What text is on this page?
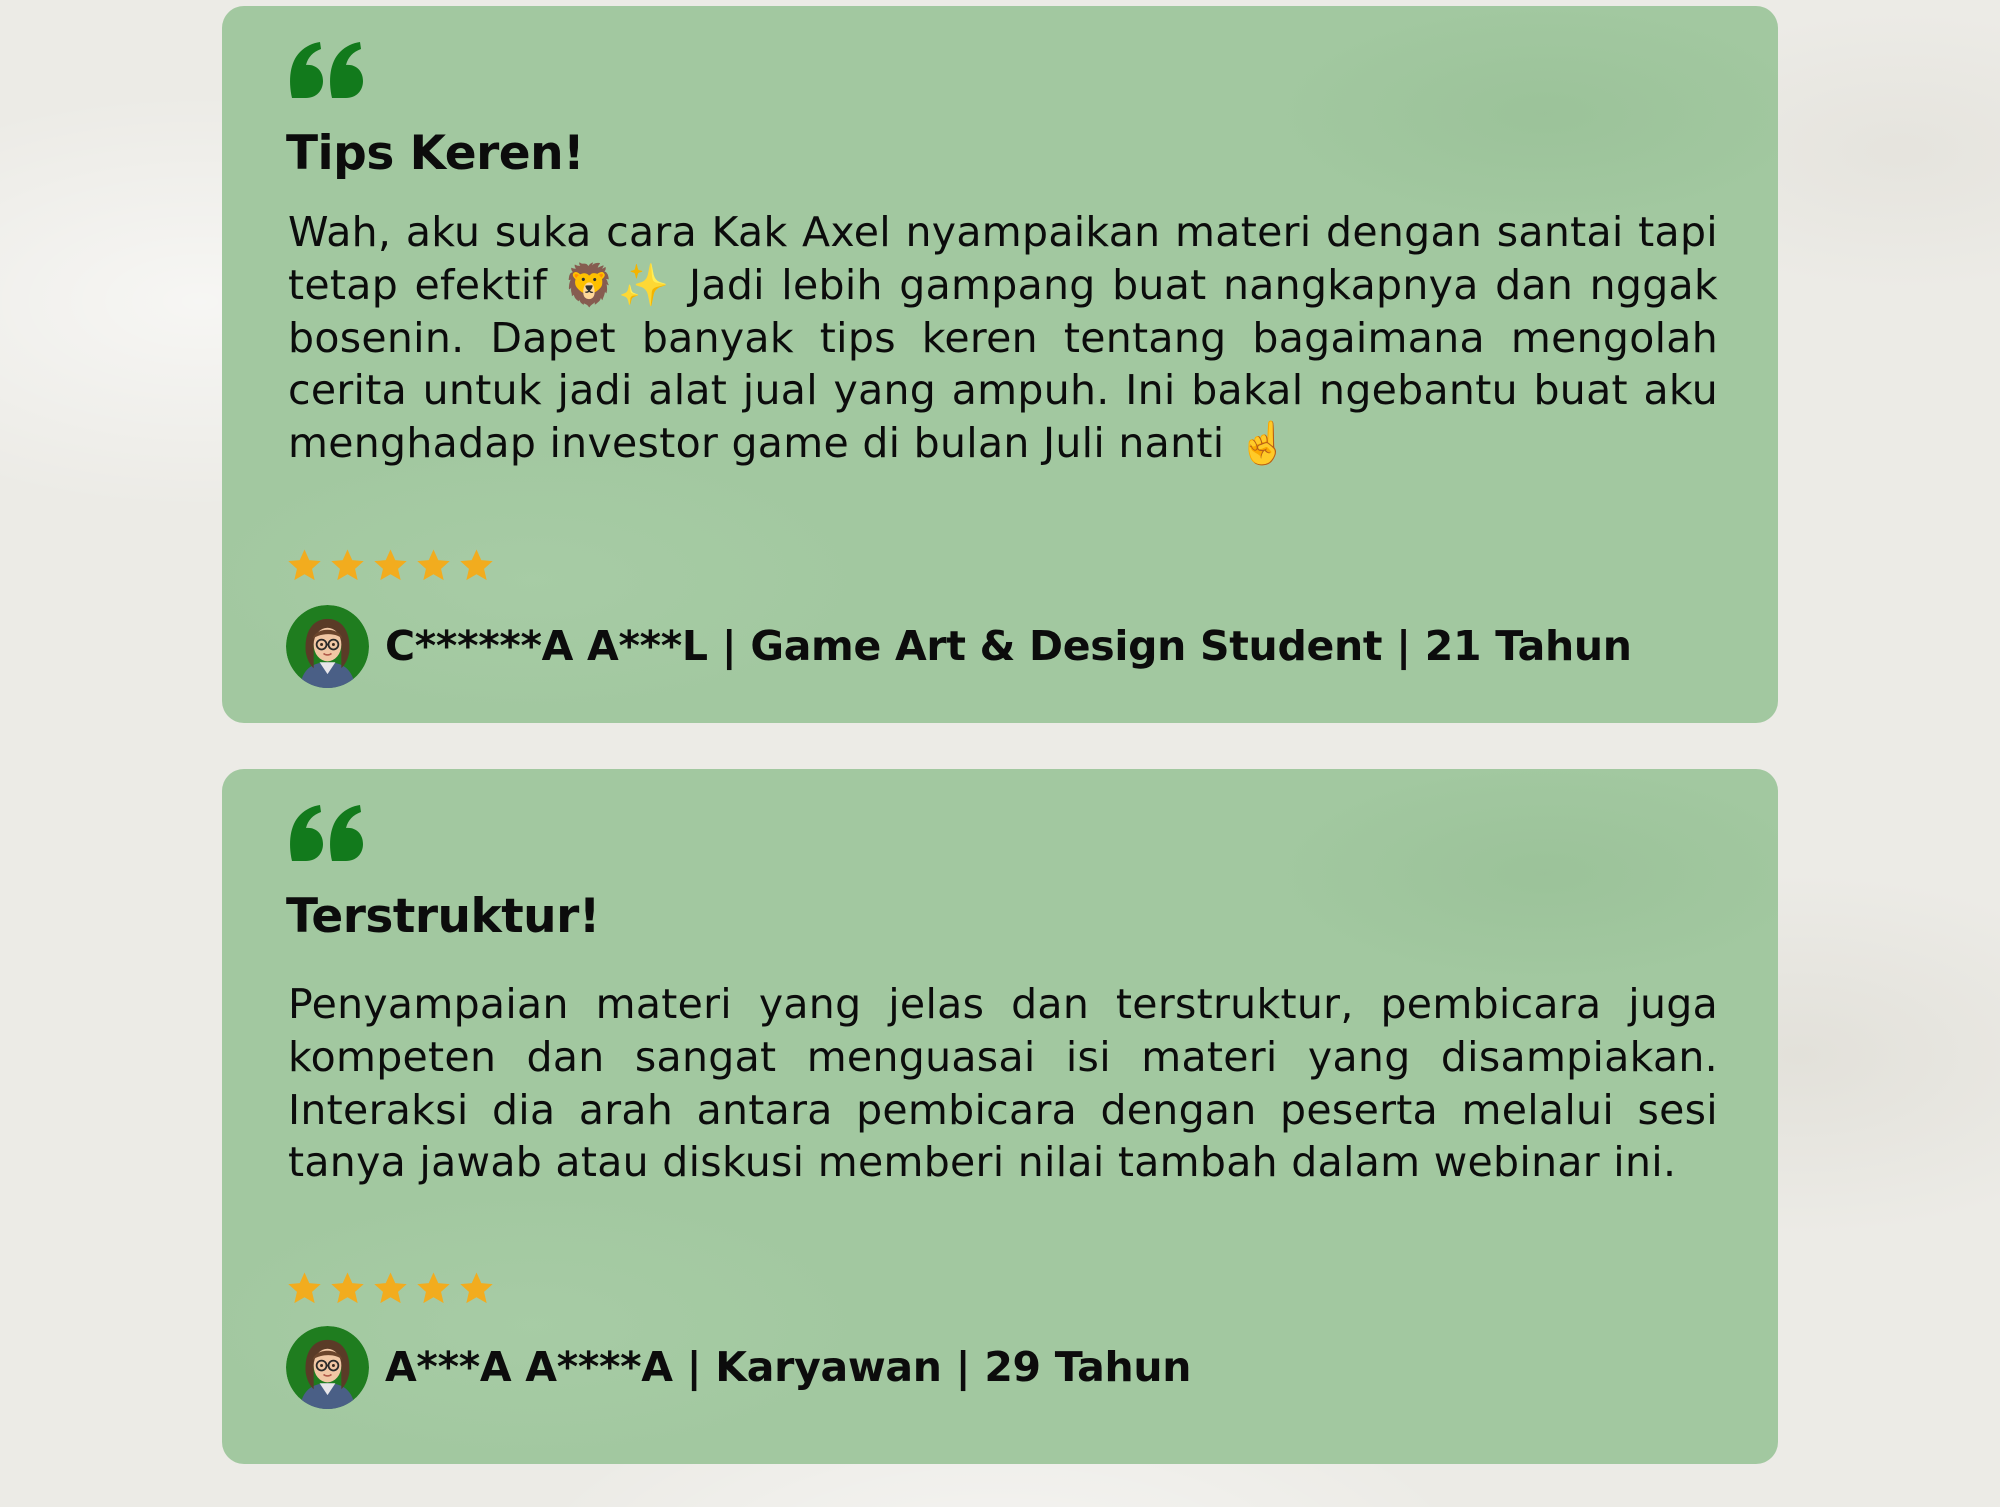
Tips Keren!

Wah, aku suka cara Kak Axel nyampaikan materi dengan santai tapi tetap efektif 🦁✨ Jadi lebih gampang buat nangkapnya dan nggak bosenin. Dapet banyak tips keren tentang bagaimana mengolah cerita untuk jadi alat jual yang ampuh. Ini bakal ngebantu buat aku menghadap investor game di bulan Juli nanti ☝️

C******A A***L | Game Art & Design Student | 21 Tahun
Terstruktur!

Penyampaian materi yang jelas dan terstruktur, pembicara juga kompeten dan sangat menguasai isi materi yang disampiakan. Interaksi dia arah antara pembicara dengan peserta melalui sesi tanya jawab atau diskusi memberi nilai tambah dalam webinar ini.

A***A A****A | Karyawan | 29 Tahun
